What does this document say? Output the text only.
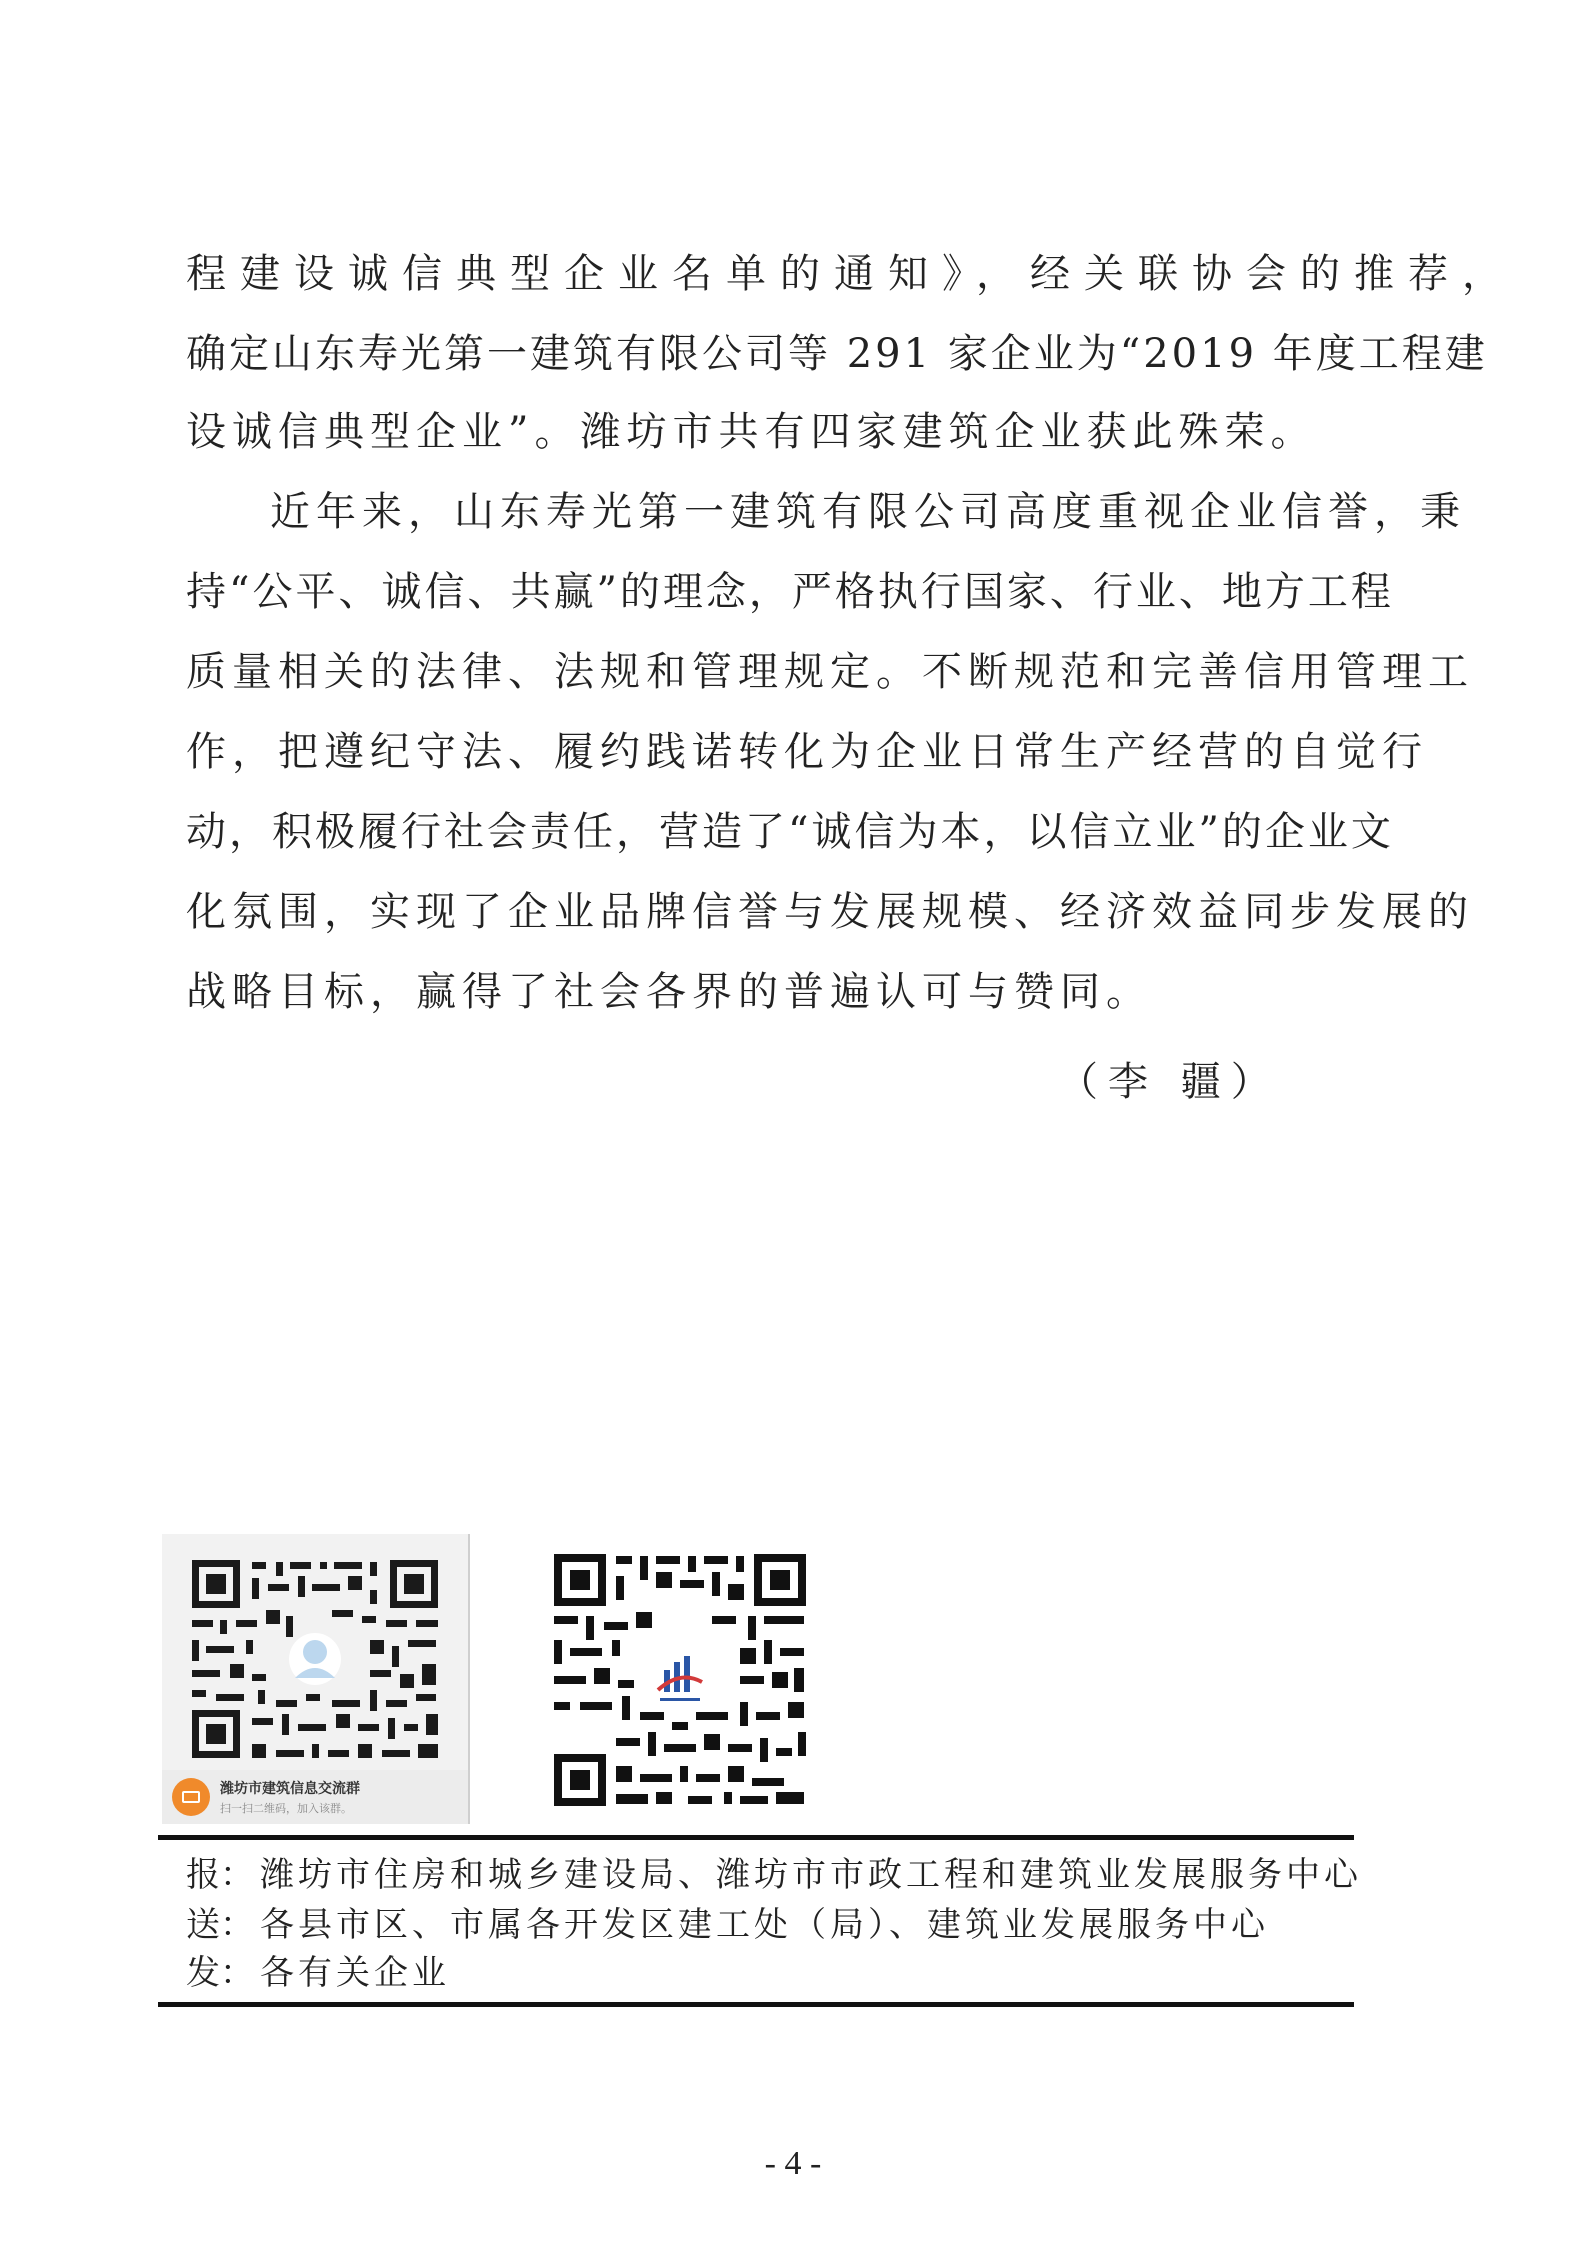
程建设诚信典型企业名单的通知》，经关联协会的推荐，
确定山东寿光第一建筑有限公司等 291 家企业为“2019 年度工程建
设诚信典型企业”。潍坊市共有四家建筑企业获此殊荣。
近年来，山东寿光第一建筑有限公司高度重视企业信誉，秉
持“公平、诚信、共赢”的理念，严格执行国家、行业、地方工程
质量相关的法律、法规和管理规定。不断规范和完善信用管理工
作，把遵纪守法、履约践诺转化为企业日常生产经营的自觉行
动，积极履行社会责任，营造了“诚信为本，以信立业”的企业文
化氛围，实现了企业品牌信誉与发展规模、经济效益同步发展的
战略目标，赢得了社会各界的普遍认可与赞同。
（李 疆）
潍坊市建筑信息交流群
扫一扫二维码，加入该群。
报： 潍坊市住房和城乡建设局、潍坊市市政工程和建筑业发展服务中心
送： 各县市区、市属各开发区建工处（局）、建筑业发展服务中心
发： 各有关企业
- 4 -
